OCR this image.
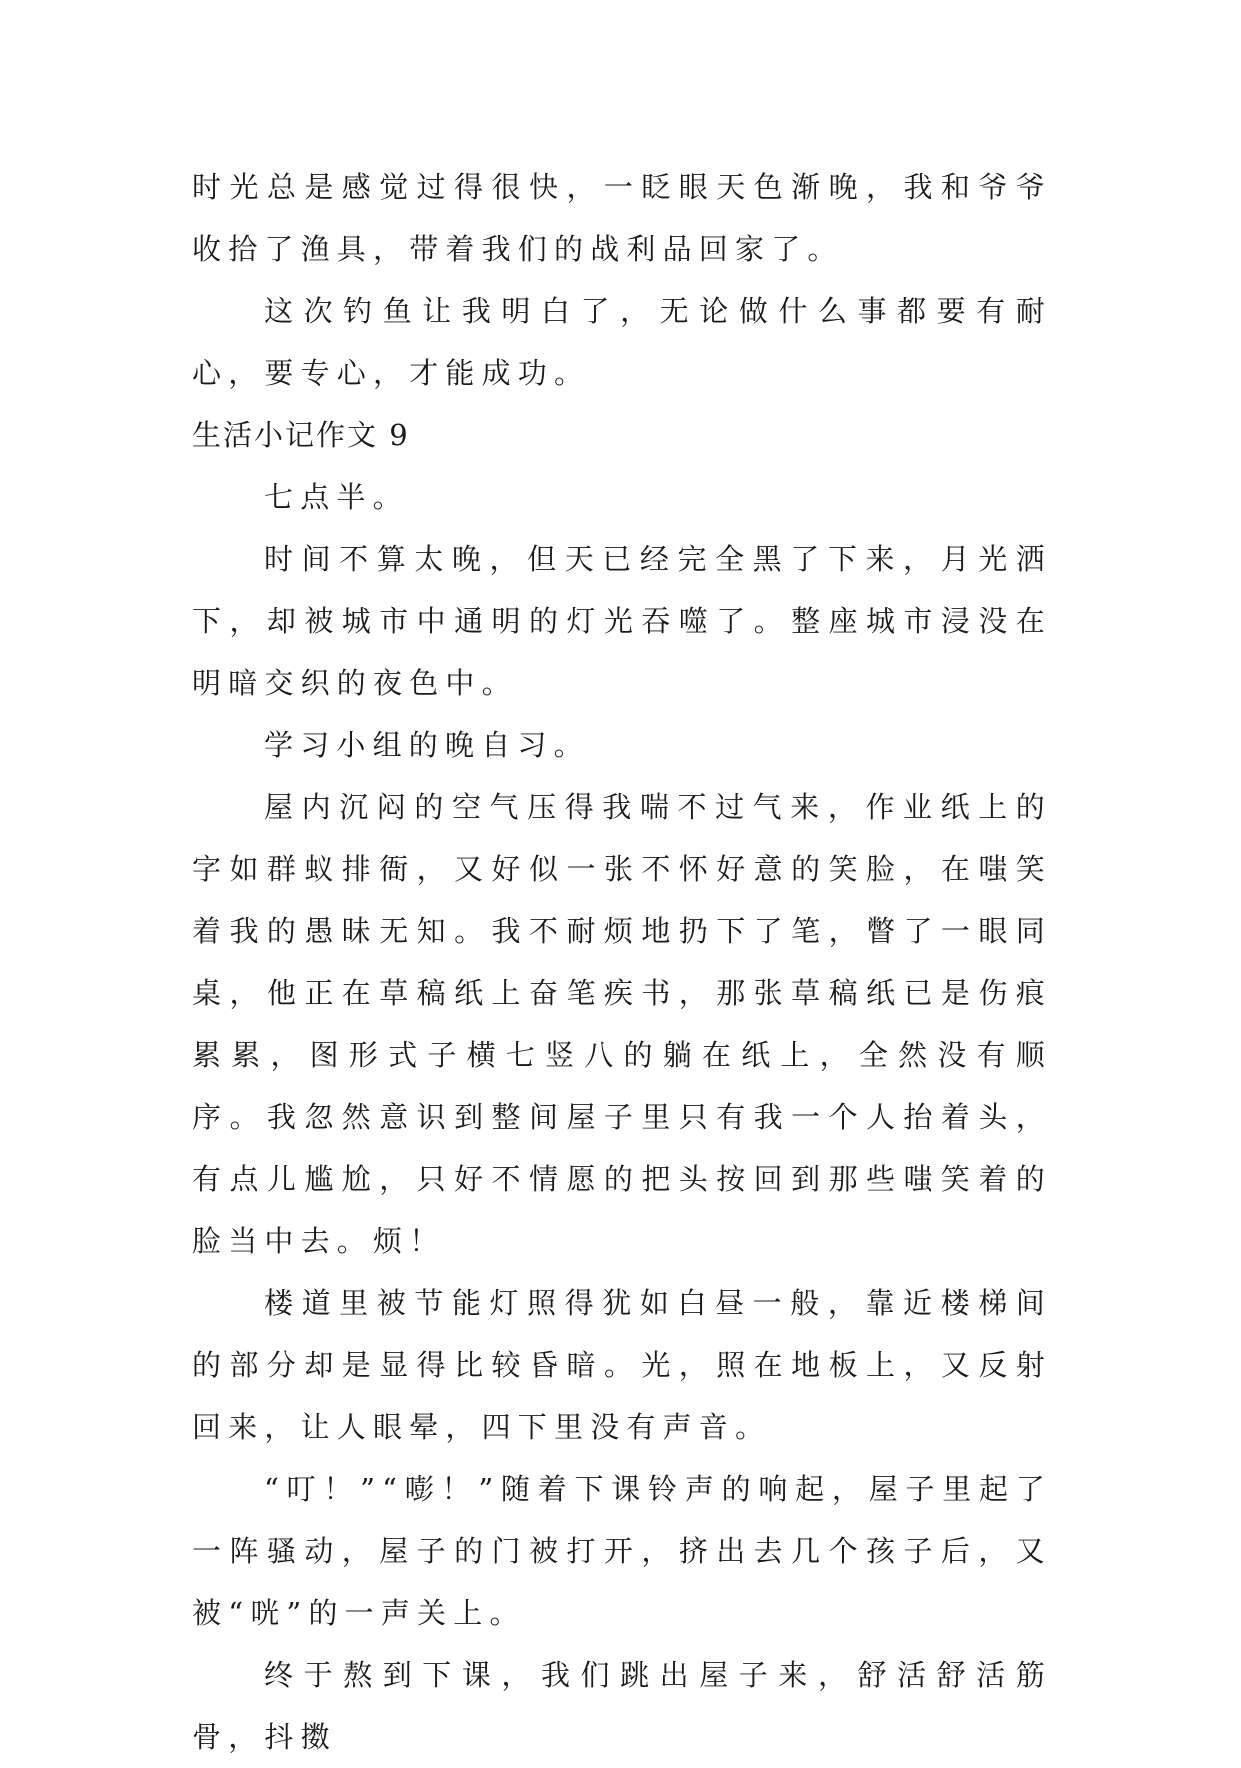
时光总是感觉过得很快，一眨眼天色渐晚，我和爷爷收拾了渔具，带着我们的战利品回家了。

这次钓鱼让我明白了，无论做什么事都要有耐心，要专心，才能成功。

生活小记作文 9

七点半。

时间不算太晚，但天已经完全黑了下来，月光洒下，却被城市中通明的灯光吞噬了。整座城市浸没在明暗交织的夜色中。

学习小组的晚自习。

屋内沉闷的空气压得我喘不过气来，作业纸上的字如群蚁排衙，又好似一张不怀好意的笑脸，在嗤笑着我的愚昧无知。我不耐烦地扔下了笔，瞥了一眼同桌，他正在草稿纸上奋笔疾书，那张草稿纸已是伤痕累累，图形式子横七竖八的躺在纸上，全然没有顺序。我忽然意识到整间屋子里只有我一个人抬着头，有点儿尴尬，只好不情愿的把头按回到那些嗤笑着的脸当中去。烦！

楼道里被节能灯照得犹如白昼一般，靠近楼梯间的部分却是显得比较昏暗。光，照在地板上，又反射回来，让人眼晕，四下里没有声音。

“叮！”“嘭！”随着下课铃声的响起，屋子里起了一阵骚动，屋子的门被打开，挤出去几个孩子后，又被“咣”的一声关上。

终于熬到下课，我们跳出屋子来，舒活舒活筋骨，抖擞
